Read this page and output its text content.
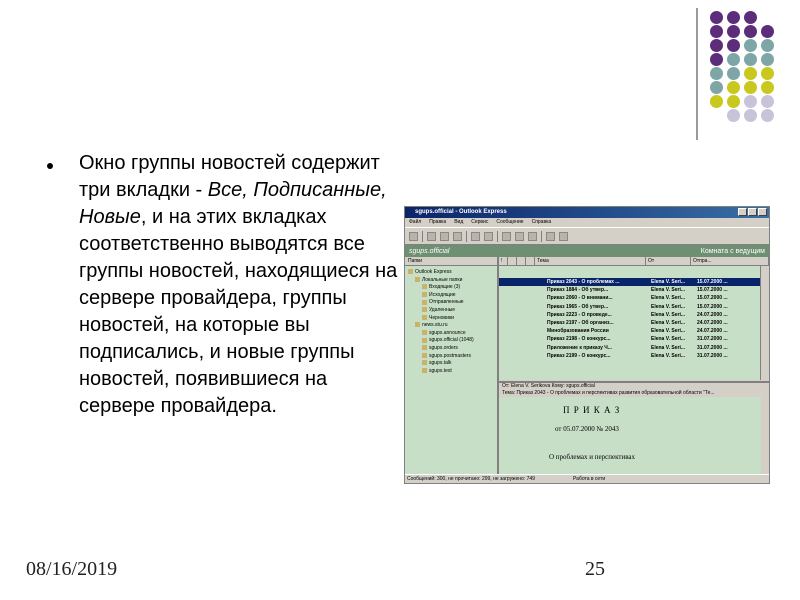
Окно группы новостей содержит три вкладки - Все, Подписанные, Новые, и на этих вкладках соответственно выводятся все группы новостей, находящиеся на сервере провайдера, группы новостей, на которые вы подписались, и новые группы новостей, появившиеся на сервере провайдера.
08/16/2019	25
sgups.official - Outlook Express
Файл Правка Вид Сервис Сообщение Справка
sgups.official	Комната с ведущим
Папки
Outlook Express
Локальные папки
Входящие (3)
Исходящие
Отправленные
Удаленные
Черновики
news.stu.ru
sgups.announce
sgups.official (1048)
sgups.orders
sgups.postmasters
sgups.talk
sgups.test
!	Тема	От	Отпра...
Приказ 2043 - О проблемах ...	Elena V. Seri...	15.07.2000 ...
Приказ 1884 - Об утвер...	Elena V. Seri...	15.07.2000 ...
Приказ 2060 - О внимани...	Elena V. Seri...	15.07.2000 ...
Приказ 1965 - Об утвер...	Elena V. Seri...	15.07.2000 ...
Приказ 2223 - О проведе...	Elena V. Seri...	24.07.2000 ...
Приказ 2197 - Об организ...	Elena V. Seri...	24.07.2000 ...
Минобразования России	Elena V. Seri...	24.07.2000 ...
Приказ 2198 - О конкурс...	Elena V. Seri...	31.07.2000 ...
Приложение к приказу Ч...	Elena V. Seri...	31.07.2000 ...
Приказ 2199 - О конкурс...	Elena V. Seri...	31.07.2000 ...
От: Elena V. Serikova Кому: sgups.official
Тема: Приказ 2043 - О проблемах и перспективах развития образовательной области "Те...
П Р И К А З
от 05.07.2000 № 2043
О проблемах и перспективах
Сообщений: 300, не прочитано: 299, не загружено: 749	Работа в сети
